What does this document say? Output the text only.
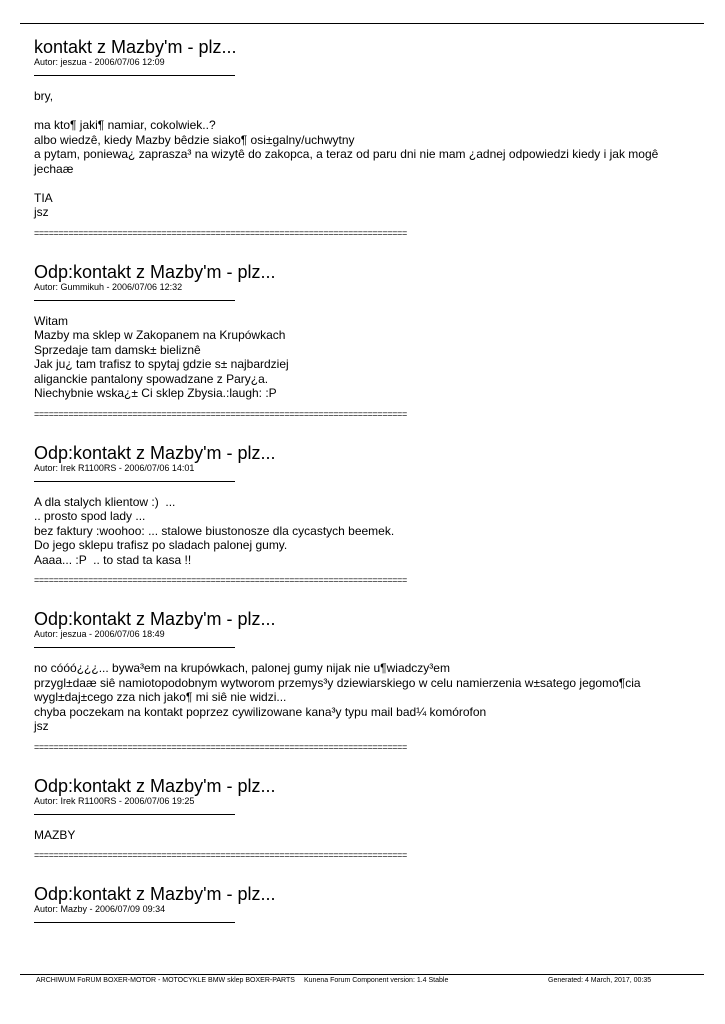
kontakt z Mazby'm - plz...
Autor: jeszua - 2006/07/06 12:09
bry,

ma kto¶ jaki¶ namiar, cokolwiek..?
albo wiedzê, kiedy Mazby bêdzie siako¶ osi±galny/uchwytny
a pytam, poniewa¿ zaprasza³ na wizytê do zakopca, a teraz od paru dni nie mam ¿adnej odpowiedzi kiedy i jak mogê jechaæ

TIA
jsz
============================================================================
Odp:kontakt z Mazby'm - plz...
Autor: Gummikuh - 2006/07/06 12:32
Witam
Mazby ma sklep w Zakopanem na Krupówkach
Sprzedaje tam damsk± bieliznê
Jak ju¿ tam trafisz to spytaj gdzie s± najbardziej
aliganckie pantalony spowadzane z Pary¿a.
Niechybnie wska¿± Ci sklep Zbysia.:laugh: :P
============================================================================
Odp:kontakt z Mazby'm - plz...
Autor: Irek R1100RS - 2006/07/06 14:01
A dla stalych klientow :)  ...
.. prosto spod lady ...
bez faktury :woohoo: ... stalowe biustonosze dla cycastych beemek.
Do jego sklepu trafisz po sladach palonej gumy.
Aaaa... :P  .. to stad ta kasa !!
============================================================================
Odp:kontakt z Mazby'm - plz...
Autor: jeszua - 2006/07/06 18:49
no cóóó¿¿¿... bywa³em na krupówkach, palonej gumy nijak nie u¶wiadczy³em
przygl±daæ siê namiotopodobnym wytworom przemys³y dziewiarskiego w celu namierzenia w±satego jegomo¶cia
wygl±daj±cego zza nich jako¶ mi siê nie widzi...
chyba poczekam na kontakt poprzez cywilizowane kana³y typu mail bad¼ komórofon
jsz
============================================================================
Odp:kontakt z Mazby'm - plz...
Autor: Irek R1100RS - 2006/07/06 19:25
MAZBY
============================================================================
Odp:kontakt z Mazby'm - plz...
Autor: Mazby - 2006/07/09 09:34
ARCHIWUM FoRUM BOXER-MOTOR - MOTOCYKLE BMW sklep BOXER-PARTS Kunena Forum Component version: 1.4 Stable	Generated: 4 March, 2017, 00:35
